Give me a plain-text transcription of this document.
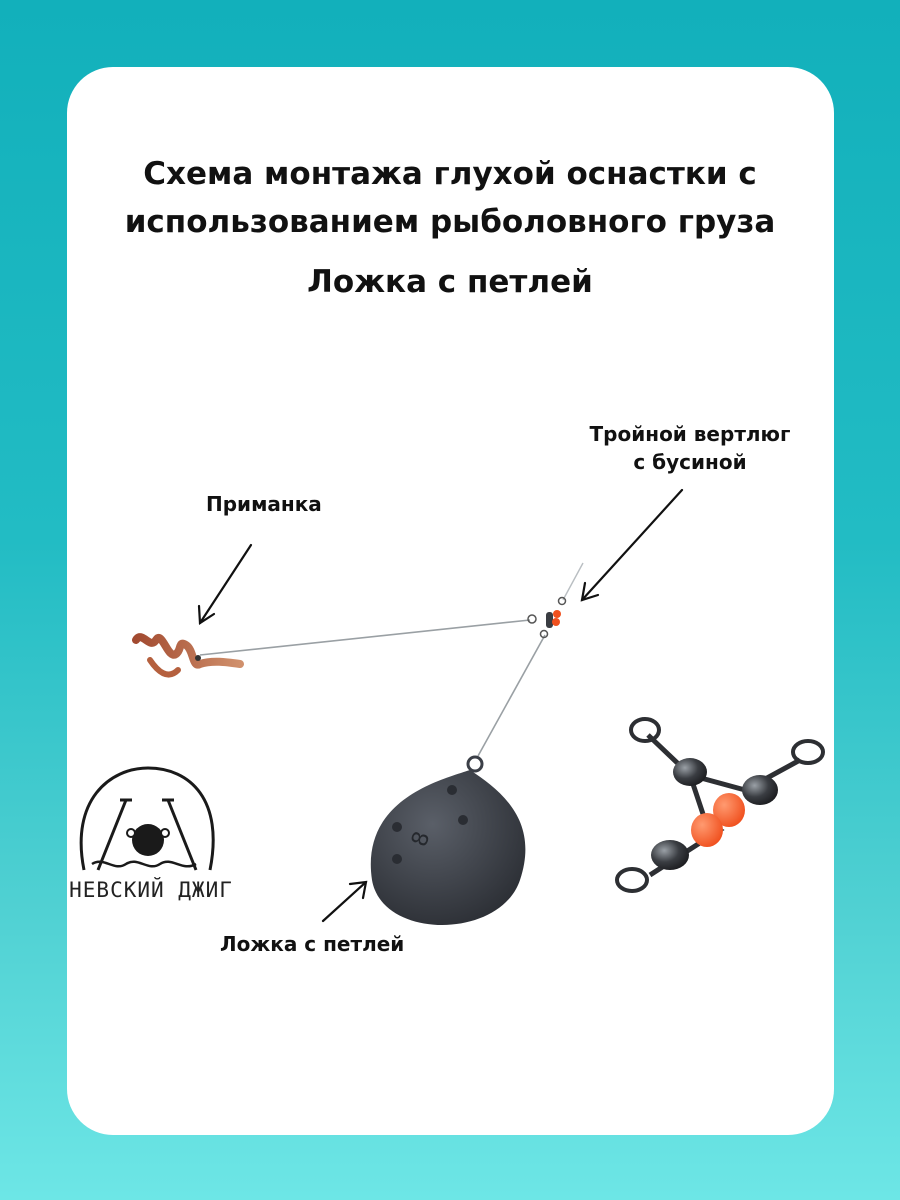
Схема монтажа глухой оснастки с
использованием рыболовного груза
Ложка с петлей
8
НЕВСКИЙ ДЖИГ
Приманка
Тройной вертлюг
с бусиной
Ложка с петлей
